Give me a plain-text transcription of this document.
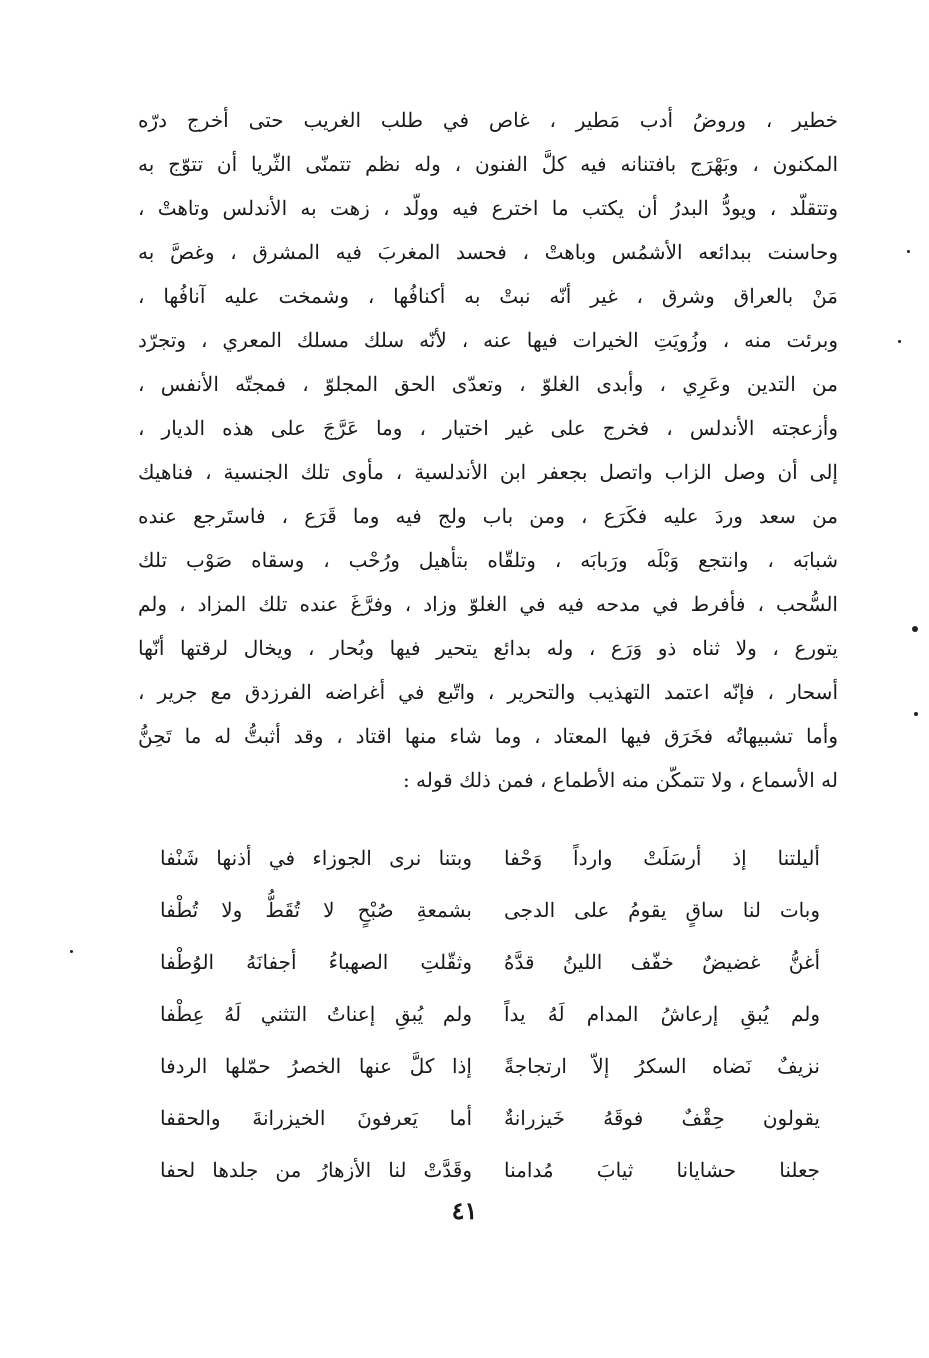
خطير ، وروضُ أدب مَطير ، غاص في طلب الغريب حتى أخرج درّه
المكنون ، وبَهْرَج بافتنانه فيه كلَّ الفنون ، وله نظم تتمنّى الثّريا أن تتوّج به
وتتقلّد ، ويودُّ البدرُ أن يكتب ما اخترع فيه وولّد ، زهت به الأندلس وتاهتْ ،
وحاسنت ببدائعه الأشمُس وباهتْ ، فحسد المغربَ فيه المشرق ، وغصَّ به
مَنْ بالعراق وشرق ، غير أنّه نبتْ به أكنافُها ، وشمخت عليه آنافُها ،
وبرئت منه ، وزُويَتِ الخيرات فيها عنه ، لأنّه سلك مسلك المعري ، وتجرّد
من التدين وعَرِي ، وأبدى الغلوّ ، وتعدّى الحق المجلوّ ، فمجتّه الأنفس ،
وأزعجته الأندلس ، فخرج على غير اختيار ، وما عَرَّجَ على هذه الديار ،
إلى أن وصل الزاب واتصل بجعفر ابن الأندلسية ، مأوى تلك الجنسية ، فناهيك
من سعد وردَ عليه فكَرَع ، ومن باب ولج فيه وما قَرَع ، فاستَرجع عنده
شبابَه ، وانتجع وَبْلَه ورَبابَه ، وتلقّاه بتأهيل ورُحْب ، وسقاه صَوْب تلك
السُّحب ، فأفرط في مدحه فيه في الغلوّ وزاد ، وفرَّغَ عنده تلك المزاد ، ولم
يتورع ، ولا ثناه ذو وَرَع ، وله بدائع يتحير فيها وبُحار ، ويخال لرقتها أنّها
أسحار ، فإنّه اعتمد التهذيب والتحرير ، واتّبع في أغراضه الفرزدق مع جرير ،
وأما تشبيهاتُه فخَرَق فيها المعتاد ، وما شاء منها اقتاد ، وقد أثبتُّ له ما تَحِنُّ
له الأسماع ، ولا تتمكّن منه الأطماع ، فمن ذلك قوله :
أليلتنا إذ أرسَلَتْ وارداً وَحْفا
وبتنا نرى الجوزاء في أذنها شَنْفا
وبات لنا ساقٍ يقومُ على الدجى
بشمعةِ صُبْحٍ لا تُقَطُّ ولا تُطْفا
أغنُّ غضيضٌ خفّف اللينُ قدَّهُ
وثقّلتِ الصهباءُ أجفانَهُ الوُطْفا
ولم يُبقِ إرعاشُ المدام لَهُ يداً
ولم يُبقِ إعناتُ التثني لَهُ عِطْفا
نزيفٌ نَضاه السكرُ إلاّ ارتجاجةً
إذا كلَّ عنها الخصرُ حمّلها الردفا
يقولون حِقْفٌ فوقَهُ خَيزرانةٌ
أما يَعرفونَ الخيزرانةَ والحقفا
جعلنا حشايانا ثيابَ مُدامنا
وقَدَّتْ لنا الأزهارُ من جلدها لحفا
٤١
